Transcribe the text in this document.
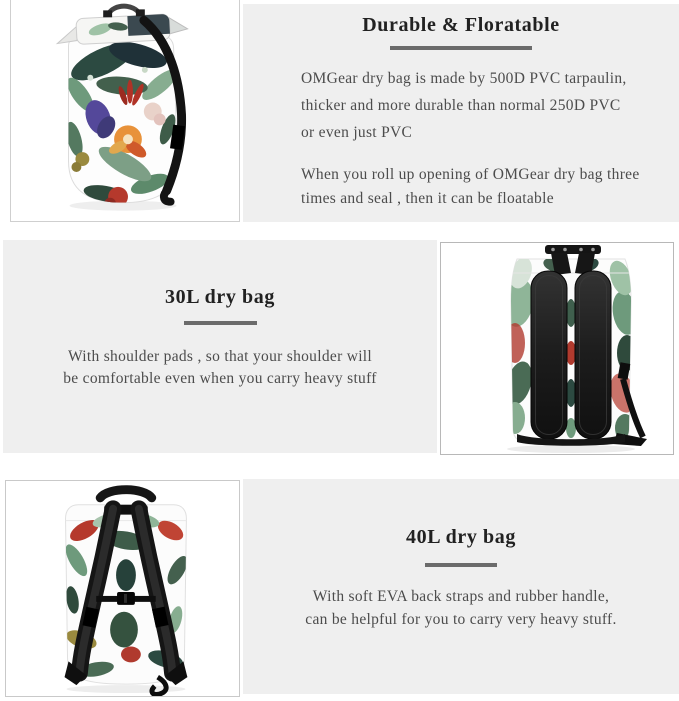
Durable & Floratable
OMGear dry bag is made by 500D PVC tarpaulin,
thicker and more durable than normal 250D PVC
or even just PVC
When you roll up opening of OMGear dry bag three
times and seal , then it can be floatable
30L dry bag
With shoulder pads , so that your shoulder will
be comfortable even when you carry heavy stuff
40L dry bag
With soft EVA back straps and rubber handle,
can be helpful for you to carry very heavy stuff.
